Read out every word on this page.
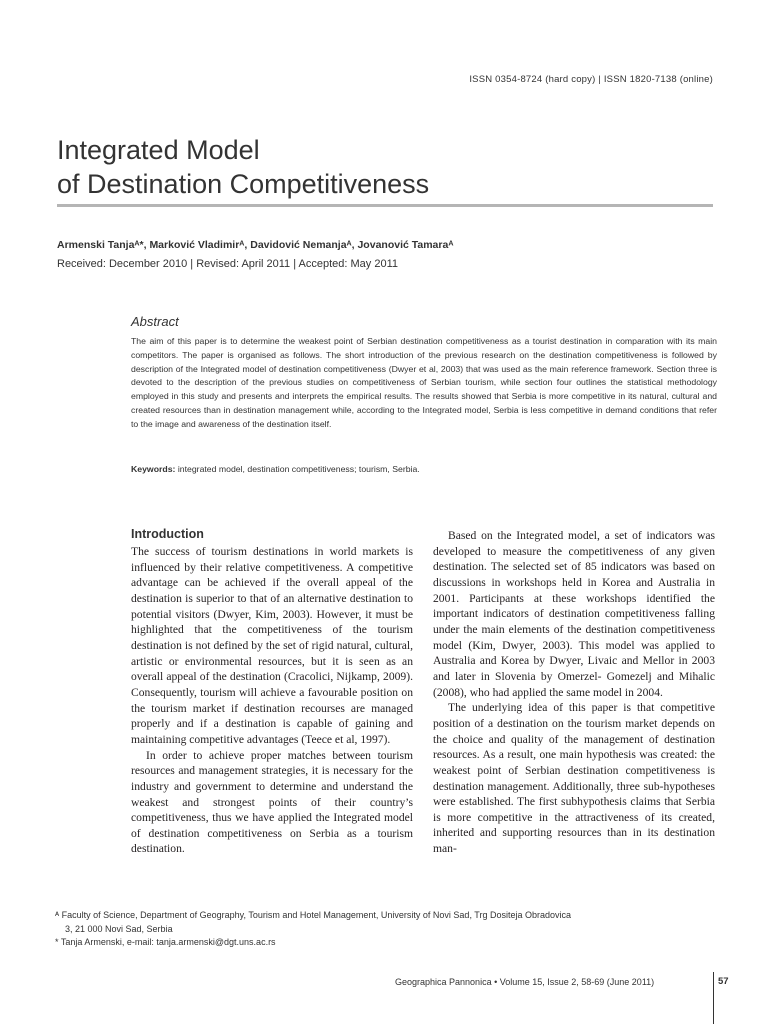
ISSN 0354-8724 (hard copy) | ISSN 1820-7138 (online)
Integrated Model
of Destination Competitiveness
Armenski Tanjaᴬ*, Marković Vladimirᴬ, Davidović Nemanjaᴬ, Jovanović Tamaraᴬ
Received: December 2010 | Revised: April 2011 | Accepted: May 2011
Abstract
The aim of this paper is to determine the weakest point of Serbian destination competitiveness as a tourist destination in comparation with its main competitors. The paper is organised as follows. The short introduction of the previous research on the destination competitiveness is followed by description of the Integrated model of destination competitiveness (Dwyer et al, 2003) that was used as the main reference framework. Section three is devoted to the description of the previous studies on competitiveness of Serbian tourism, while section four outlines the statistical methodology employed in this study and presents and interprets the empirical results. The results showed that Serbia is more competitive in its natural, cultural and created resources than in destination management while, according to the Integrated model, Serbia is less competitive in demand conditions that refer to the image and awareness of the destination itself.
Keywords: integrated model, destination competitiveness; tourism, Serbia.
Introduction

The success of tourism destinations in world markets is influenced by their relative competitiveness. A competitive advantage can be achieved if the overall appeal of the destination is superior to that of an alternative destination to potential visitors (Dwyer, Kim, 2003). However, it must be highlighted that the competitiveness of the tourism destination is not defined by the set of rigid natural, cultural, artistic or environmental resources, but it is seen as an overall appeal of the destination (Cracolici, Nijkamp, 2009). Consequently, tourism will achieve a favourable position on the tourism market if destination recourses are managed properly and if a destination is capable of gaining and maintaining competitive advantages (Teece et al, 1997).

In order to achieve proper matches between tourism resources and management strategies, it is necessary for the industry and government to determine and understand the weakest and strongest points of their country’s competitiveness, thus we have applied the Integrated model of destination competitiveness on Serbia as a tourism destination.

Based on the Integrated model, a set of indicators was developed to measure the competitiveness of any given destination. The selected set of 85 indicators was based on discussions in workshops held in Korea and Australia in 2001. Participants at these workshops identified the important indicators of destination competitiveness falling under the main elements of the destination competitiveness model (Kim, Dwyer, 2003). This model was applied to Australia and Korea by Dwyer, Livaic and Mellor in 2003 and later in Slovenia by Omerzel- Gomezelj and Mihalic (2008), who had applied the same model in 2004.

The underlying idea of this paper is that competitive position of a destination on the tourism market depends on the choice and quality of the management of destination resources. As a result, one main hypothesis was created: the weakest point of Serbian destination competitiveness is destination management. Additionally, three sub-hypotheses were established. The first subhypothesis claims that Serbia is more competitive in the attractiveness of its created, inherited and supporting resources than in its destination man-

ᴬ Faculty of Science, Department of Geography, Tourism and Hotel Management, University of Novi Sad, Trg Dositeja Obradovica

3, 21 000 Novi Sad, Serbia

* Tanja Armenski, e-mail: tanja.armenski@dgt.uns.ac.rs

Geographica Pannonica • Volume 15, Issue 2, 58-69 (June 2011)	57
